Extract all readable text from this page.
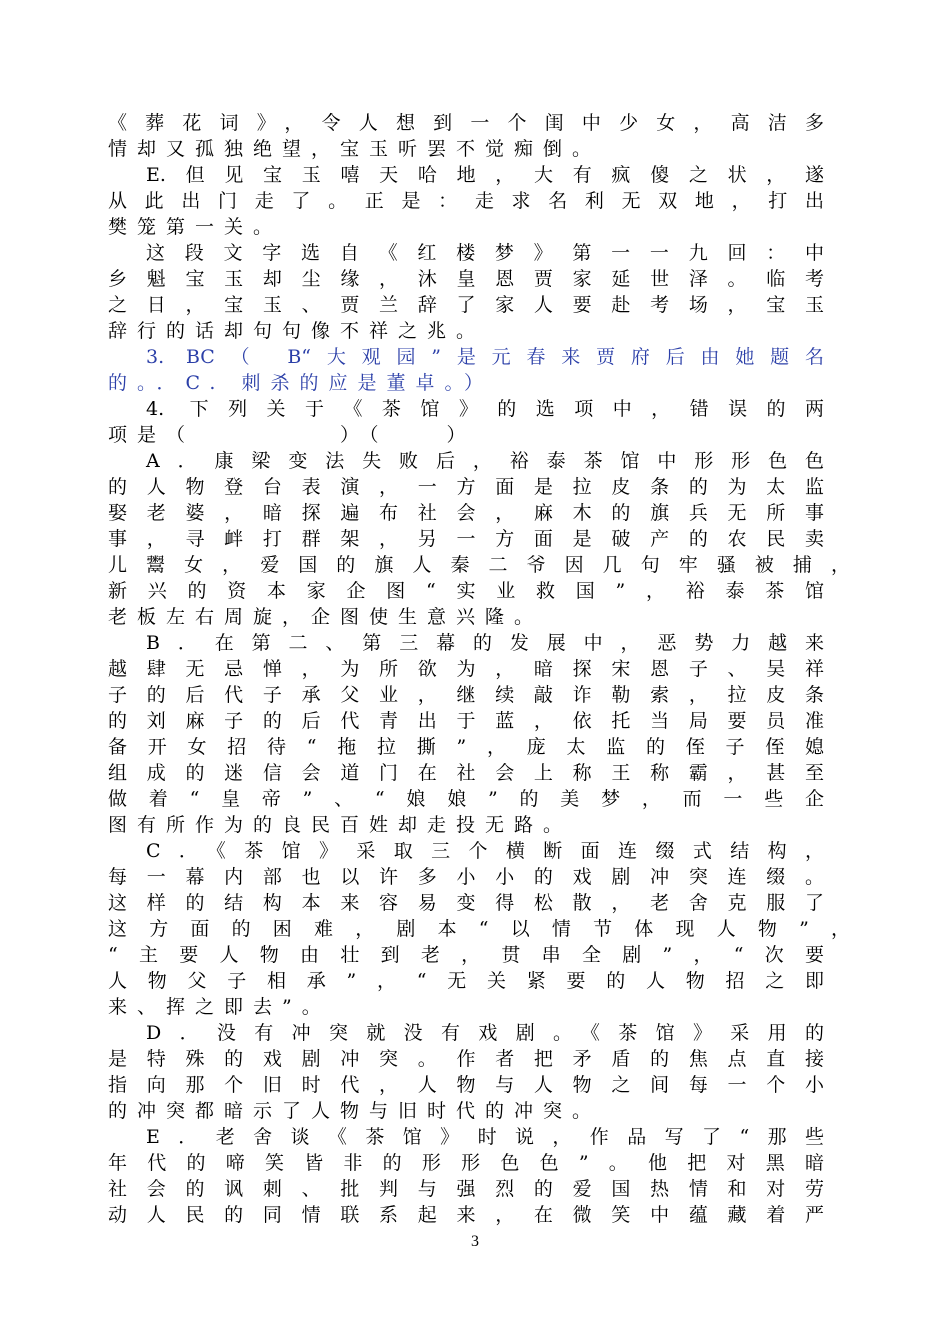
《葬花词》，令人想到一个闺中少女，高洁多
情却又孤独绝望，宝玉听罢不觉痴倒。
E.但见宝玉嘻天哈地，大有疯傻之状，遂
从此出门走了。正是：走求名利无双地，打出
樊笼第一关。
这段文字选自《红楼梦》第一一九回：中
乡魁宝玉却尘缘，沐皇恩贾家延世泽。临考
之日，宝玉、贾兰辞了家人要赴考场，宝玉
辞行的话却句句像不祥之兆。
3. BC（ B“大观园”是元春来贾府后由她题名
的。．C. 刺杀的应是董卓。）
4. 下列关于《茶馆》的选项中，错误的两
项是（　　　　　）（　　）
A．康梁变法失败后，裕泰茶馆中形形色色
的人物登台表演，一方面是拉皮条的为太监
娶老婆，暗探遍布社会，麻木的旗兵无所事
事，寻衅打群架，另一方面是破产的农民卖
儿鬻女，爱国的旗人秦二爷因几句牢骚被捕，
新兴的资本家企图“实业救国”，裕泰茶馆
老板左右周旋，企图使生意兴隆。
B．在第二、第三幕的发展中，恶势力越来
越肆无忌惮，为所欲为，暗探宋恩子、吴祥
子的后代子承父业，继续敲诈勒索，拉皮条
的刘麻子的后代青出于蓝，依托当局要员准
备开女招待“拖拉撕”，庞太监的侄子侄媳
组成的迷信会道门在社会上称王称霸，甚至
做着“皇帝”、“娘娘”的美梦，而一些企
图有所作为的良民百姓却走投无路。
C．《茶馆》采取三个横断面连缀式结构，
每一幕内部也以许多小小的戏剧冲突连缀。
这样的结构本来容易变得松散，老舍克服了
这方面的困难，剧本“以情节体现人物”，
“主要人物由壮到老，贯串全剧”，“次要
人物父子相承”，“无关紧要的人物招之即
来、挥之即去”。
D．没有冲突就没有戏剧。《茶馆》采用的
是特殊的戏剧冲突。作者把矛盾的焦点直接
指向那个旧时代，人物与人物之间每一个小
的冲突都暗示了人物与旧时代的冲突。
E．老舍谈《茶馆》时说，作品写了“那些
年代的啼笑皆非的形形色色”。他把对黑暗
社会的讽刺、批判与强烈的爱国热情和对劳
动人民的同情联系起来，在微笑中蕴藏着严
3
